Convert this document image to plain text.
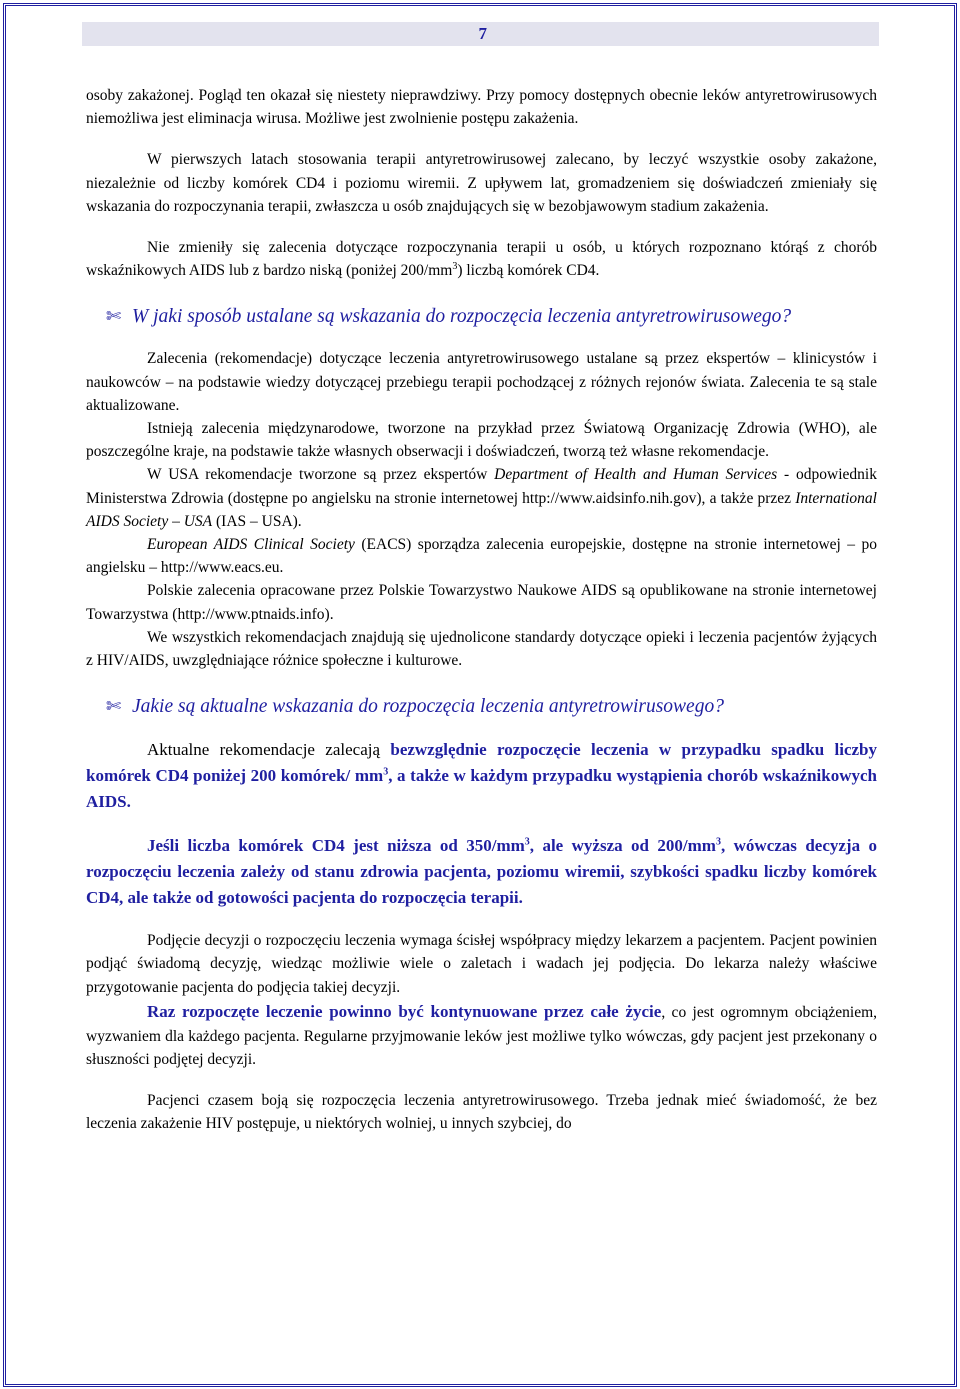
7

osoby zakażonej. Pogląd ten okazał się niestety nieprawdziwy. Przy pomocy dostępnych obecnie leków antyretrowirusowych niemożliwa jest eliminacja wirusa. Możliwe jest zwolnienie postępu zakażenia.

W pierwszych latach stosowania terapii antyretrowirusowej zalecano, by leczyć wszystkie osoby zakażone, niezależnie od liczby komórek CD4 i poziomu wiremii. Z upływem lat, gromadzeniem się doświadczeń zmieniały się wskazania do rozpoczynania terapii, zwłaszcza u osób znajdujących się w bezobjawowym stadium zakażenia.

Nie zmieniły się zalecenia dotyczące rozpoczynania terapii u osób, u których rozpoznano którąś z chorób wskaźnikowych AIDS lub z bardzo niską (poniżej $200/mm^3$) liczbą komórek CD4.

✄ W jaki sposób ustalane są wskazania do rozpoczęcia leczenia antyretrowirusowego?

Zalecenia (rekomendacje) dotyczące leczenia antyretrowirusowego ustalane są przez ekspertów – klinicystów i naukowców – na podstawie wiedzy dotyczącej przebiegu terapii pochodzącej z różnych rejonów świata. Zalecenia te są stale aktualizowane.

Istnieją zalecenia międzynarodowe, tworzone na przykład przez Światową Organizację Zdrowia (WHO), ale poszczególne kraje, na podstawie także własnych obserwacji i doświadczeń, tworzą też własne rekomendacje.

W USA rekomendacje tworzone są przez ekspertów Department of Health and Human Services - odpowiednik Ministerstwa Zdrowia (dostępne po angielsku na stronie internetowej http://www.aidsinfo.nih.gov), a także przez International AIDS Society – USA (IAS – USA).

European AIDS Clinical Society (EACS) sporządza zalecenia europejskie, dostępne na stronie internetowej – po angielsku – http://www.eacs.eu.

Polskie zalecenia opracowane przez Polskie Towarzystwo Naukowe AIDS są opublikowane na stronie internetowej Towarzystwa (http://www.ptnaids.info).

We wszystkich rekomendacjach znajdują się ujednolicone standardy dotyczące opieki i leczenia pacjentów żyjących z HIV/AIDS, uwzględniające różnice społeczne i kulturowe.

✄ Jakie są aktualne wskazania do rozpoczęcia leczenia antyretrowirusowego?

Aktualne rekomendacje zalecają bezwzględnie rozpoczęcie leczenia w przypadku spadku liczby komórek CD4 poniżej 200 komórek/ $mm^3$, a także w każdym przypadku wystąpienia chorób wskaźnikowych AIDS.

Jeśli liczba komórek CD4 jest niższa od $350/mm^3$, ale wyższa od $200/mm^3$, wówczas decyzja o rozpoczęciu leczenia zależy od stanu zdrowia pacjenta, poziomu wiremii, szybkości spadku liczby komórek CD4, ale także od gotowości pacjenta do rozpoczęcia terapii.

Podjęcie decyzji o rozpoczęciu leczenia wymaga ścisłej współpracy między lekarzem a pacjentem. Pacjent powinien podjąć świadomą decyzję, wiedząc możliwie wiele o zaletach i wadach jej podjęcia. Do lekarza należy właściwe przygotowanie pacjenta do podjęcia takiej decyzji.

Raz rozpoczęte leczenie powinno być kontynuowane przez całe życie, co jest ogromnym obciążeniem, wyzwaniem dla każdego pacjenta. Regularne przyjmowanie leków jest możliwe tylko wówczas, gdy pacjent jest przekonany o słuszności podjętej decyzji.

Pacjenci czasem boją się rozpoczęcia leczenia antyretrowirusowego. Trzeba jednak mieć świadomość, że bez leczenia zakażenie HIV postępuje, u niektórych wolniej, u innych szybciej, do
